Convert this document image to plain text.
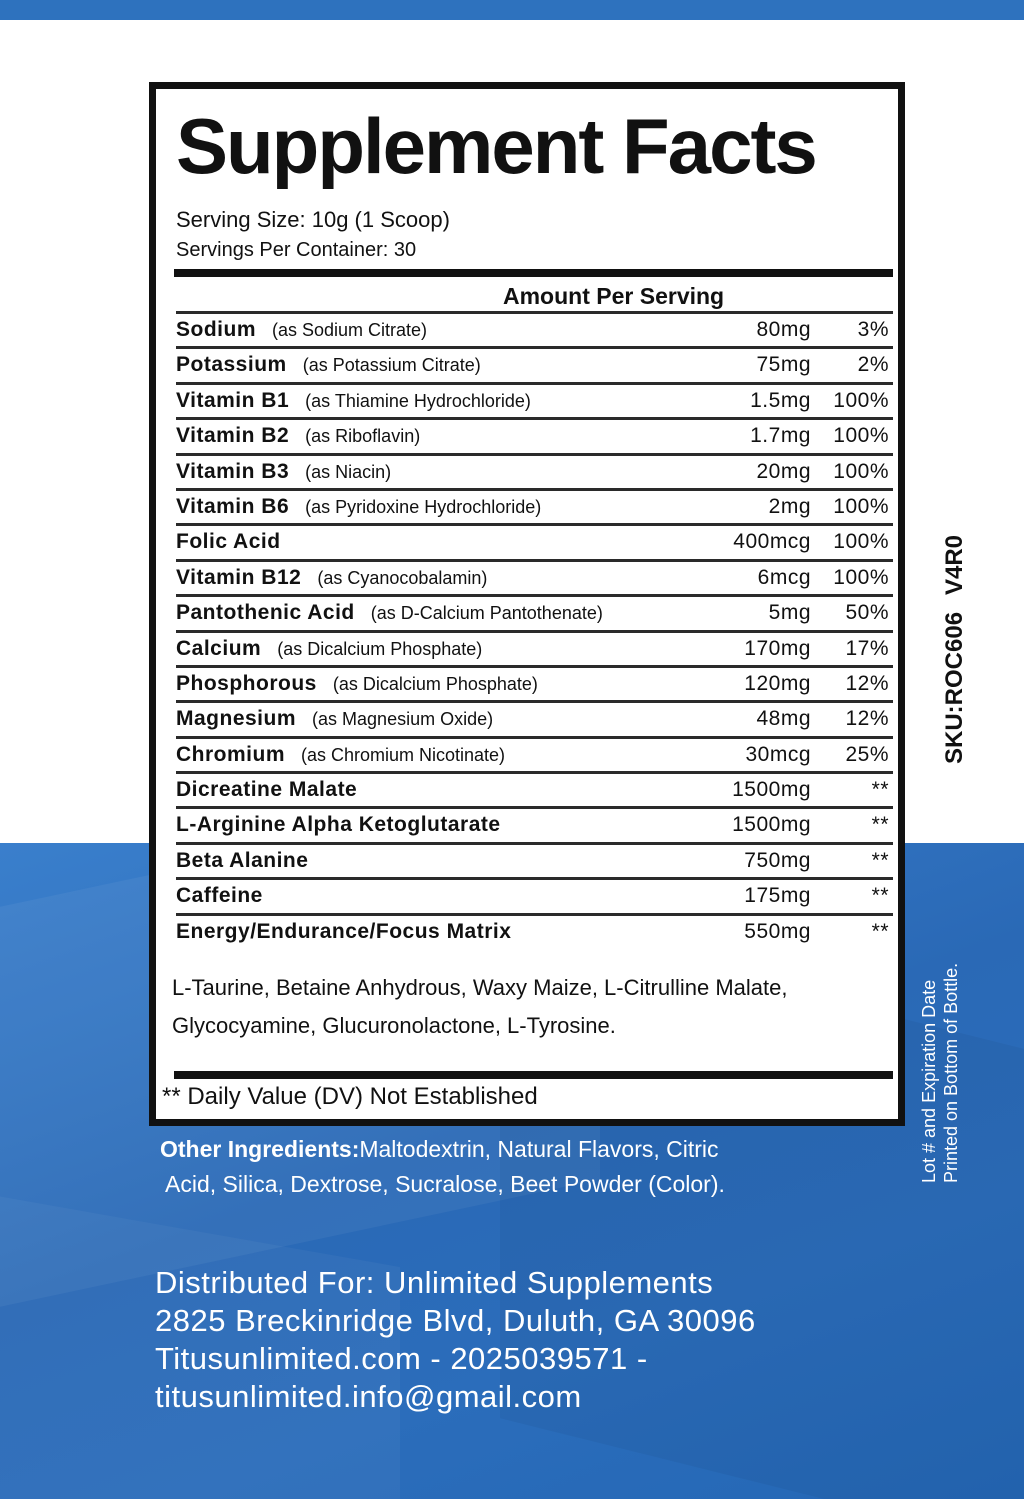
Supplement Facts
Serving Size: 10g (1 Scoop)
Servings Per Container: 30
Amount Per Serving
Sodium (as Sodium Citrate)	80mg 3%
Potassium (as Potassium Citrate)	75mg 2%
Vitamin B1 (as Thiamine Hydrochloride)	1.5mg 100%
Vitamin B2 (as Riboflavin)	1.7mg 100%
Vitamin B3 (as Niacin)	20mg 100%
Vitamin B6 (as Pyridoxine Hydrochloride)	2mg 100%
Folic Acid	400mcg 100%
Vitamin B12 (as Cyanocobalamin)	6mcg 100%
Pantothenic Acid (as D-Calcium Pantothenate)	5mg 50%
Calcium (as Dicalcium Phosphate)	170mg 17%
Phosphorous (as Dicalcium Phosphate)	120mg 12%
Magnesium (as Magnesium Oxide)	48mg 12%
Chromium (as Chromium Nicotinate)	30mcg 25%
Dicreatine Malate	1500mg	**
L-Arginine Alpha Ketoglutarate	1500mg	**
Beta Alanine	750mg	**
Caffeine	175mg	**
Energy/Endurance/Focus Matrix	550mg	**
L-Taurine, Betaine Anhydrous, Waxy Maize, L-Citrulline Malate,
Glycocyamine, Glucuronolactone, L-Tyrosine.
** Daily Value (DV) Not Established
V4R0
SKU:ROC606
Lot # and Expiration Date Printed on Bottom of Bottle.
Other Ingredients:Maltodextrin, Natural Flavors, Citric
Acid, Silica, Dextrose, Sucralose, Beet Powder (Color).
Distributed For: Unlimited Supplements
2825 Breckinridge Blvd, Duluth, GA 30096
Titusunlimited.com - 2025039571 -
titusunlimited.info@gmail.com
